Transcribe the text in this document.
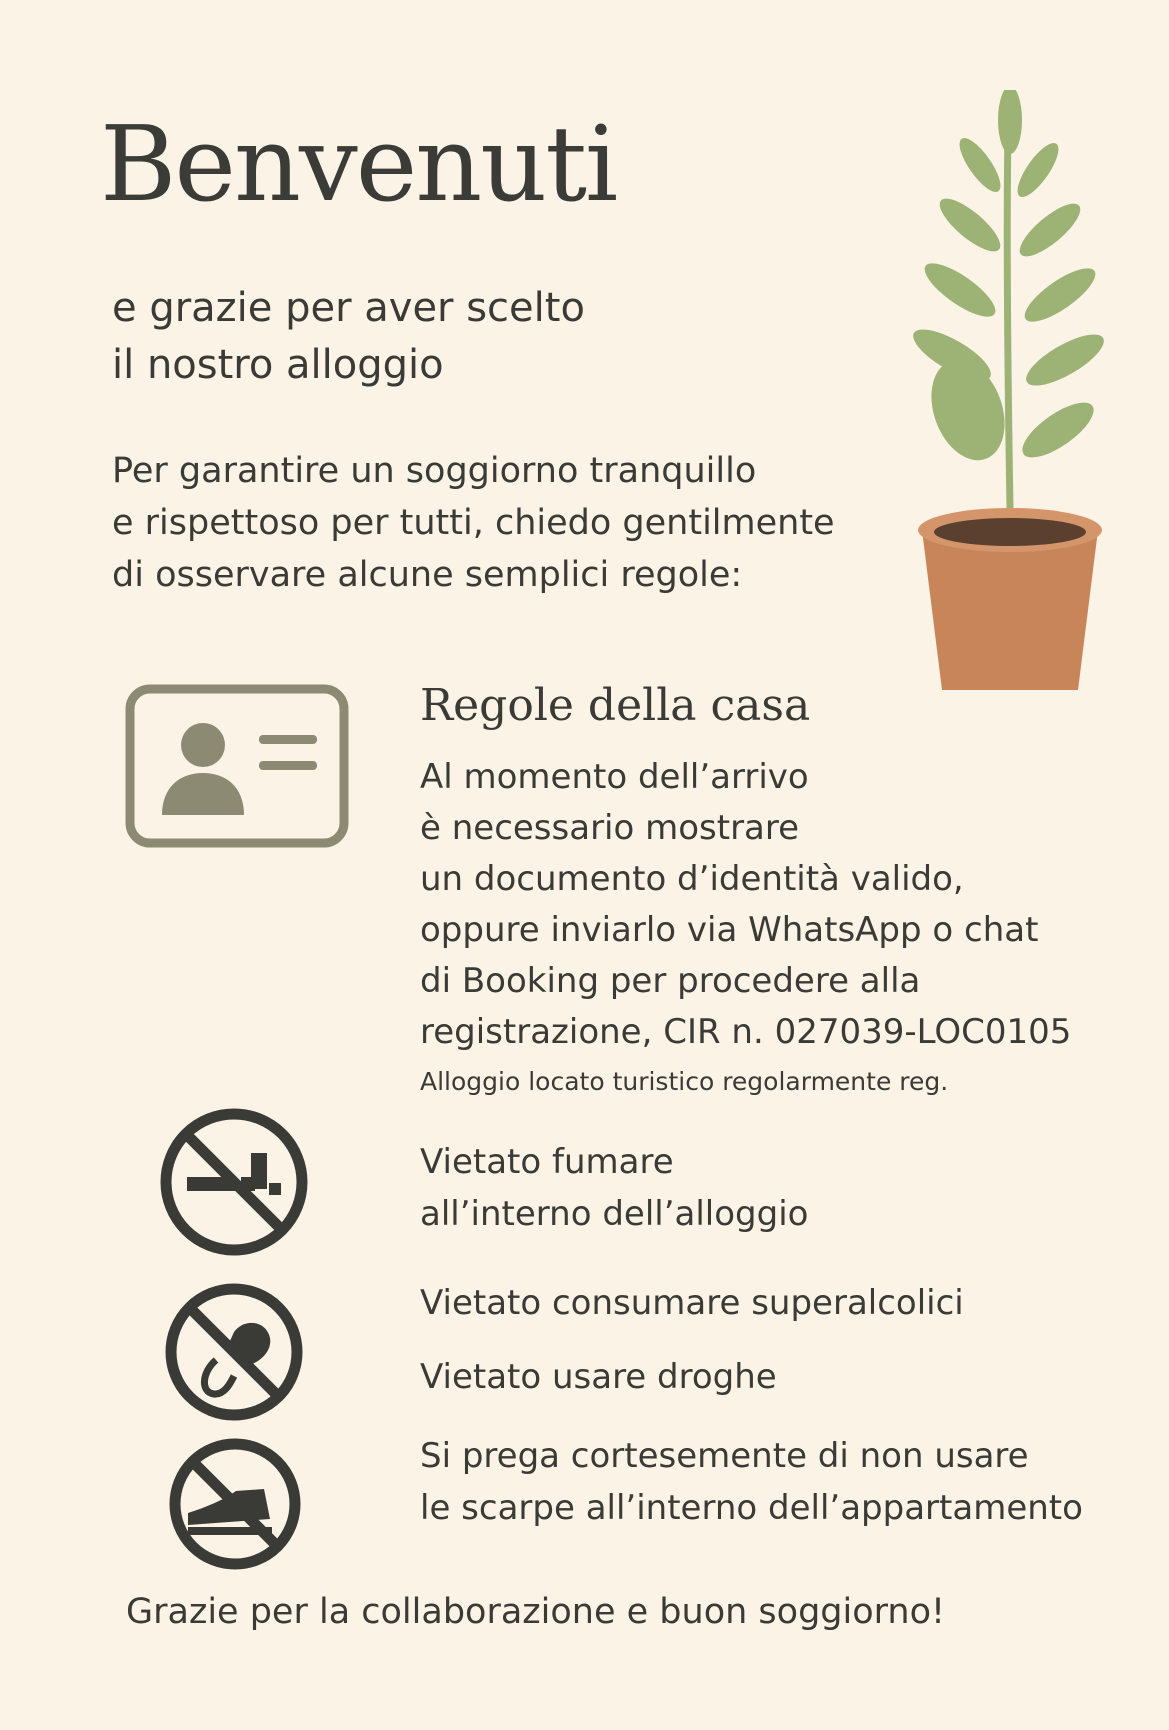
Benvenuti
e grazie per aver scelto
il nostro alloggio
Per garantire un soggiorno tranquillo
e rispettoso per tutti, chiedo gentilmente
di osservare alcune semplici regole:
Regole della casa
Al momento dell’arrivo
è necessario mostrare
un documento d’identità valido,
oppure inviarlo via WhatsApp o chat
di Booking per procedere alla
registrazione, CIR n. 027039-LOC0105
Alloggio locato turistico regolarmente reg.
Vietato fumare
all’interno dell’alloggio
Vietato consumare superalcolici
Vietato usare droghe
Si prega cortesemente di non usare
le scarpe all’interno dell’appartamento
Grazie per la collaborazione e buon soggiorno!
